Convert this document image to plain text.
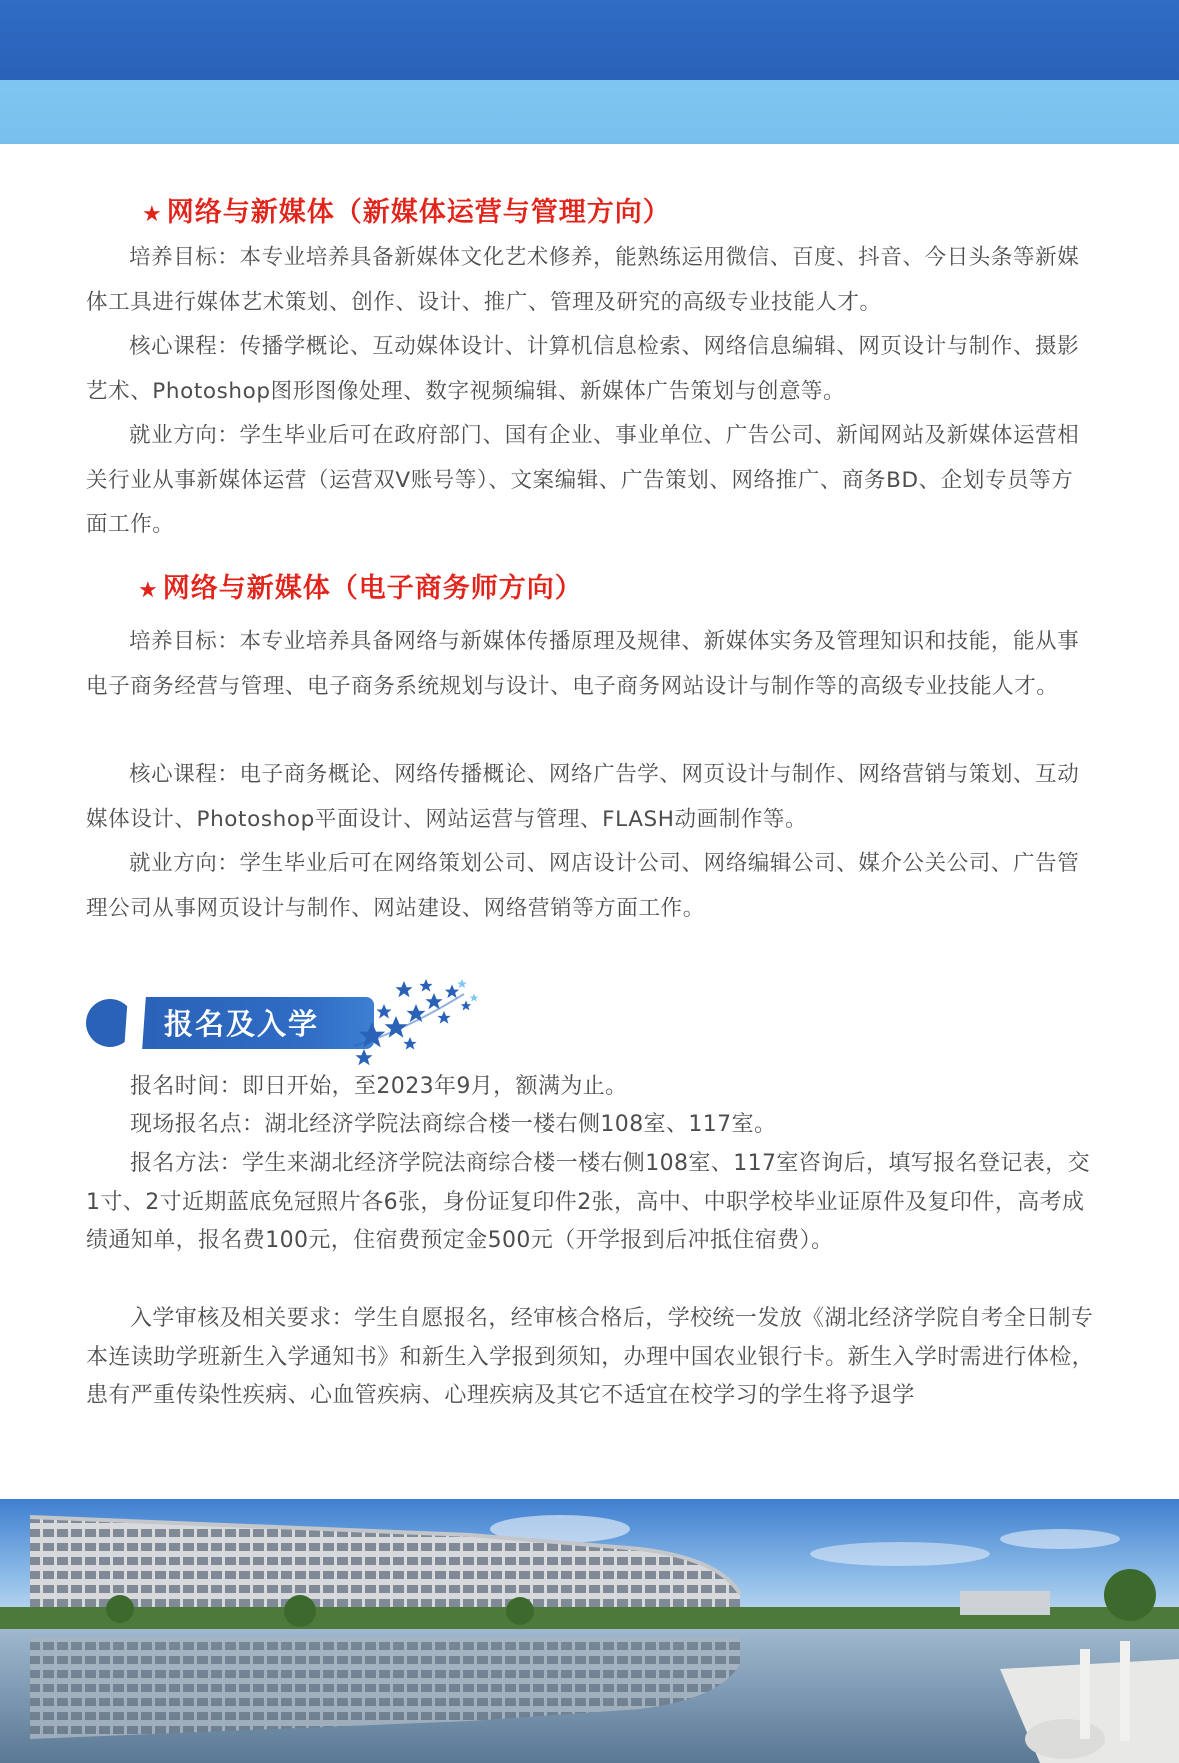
★ 网络与新媒体（新媒体运营与管理方向）

培养目标：本专业培养具备新媒体文化艺术修养，能熟练运用微信、百度、抖音、今日头条等新媒体工具进行媒体艺术策划、创作、设计、推广、管理及研究的高级专业技能人才。

核心课程：传播学概论、互动媒体设计、计算机信息检索、网络信息编辑、网页设计与制作、摄影艺术、Photoshop图形图像处理、数字视频编辑、新媒体广告策划与创意等。

就业方向：学生毕业后可在政府部门、国有企业、事业单位、广告公司、新闻网站及新媒体运营相关行业从事新媒体运营（运营双V账号等）、文案编辑、广告策划、网络推广、商务BD、企划专员等方面工作。

★ 网络与新媒体（电子商务师方向）

培养目标：本专业培养具备网络与新媒体传播原理及规律、新媒体实务及管理知识和技能，能从事电子商务经营与管理、电子商务系统规划与设计、电子商务网站设计与制作等的高级专业技能人才。

核心课程：电子商务概论、网络传播概论、网络广告学、网页设计与制作、网络营销与策划、互动媒体设计、Photoshop平面设计、网站运营与管理、FLASH动画制作等。

就业方向：学生毕业后可在网络策划公司、网店设计公司、网络编辑公司、媒介公关公司、广告管理公司从事网页设计与制作、网站建设、网络营销等方面工作。

报名时间：即日开始，至2023年9月，额满为止。

现场报名点：湖北经济学院法商综合楼一楼右侧108室、117室。

报名方法：学生来湖北经济学院法商综合楼一楼右侧108室、117室咨询后，填写报名登记表，交1寸、2寸近期蓝底免冠照片各6张，身份证复印件2张，高中、中职学校毕业证原件及复印件，高考成绩通知单，报名费100元，住宿费预定金500元（开学报到后冲抵住宿费）。

入学审核及相关要求：学生自愿报名，经审核合格后，学校统一发放《湖北经济学院自考全日制专本连读助学班新生入学通知书》和新生入学报到须知，办理中国农业银行卡。新生入学时需进行体检，患有严重传染性疾病、心血管疾病、心理疾病及其它不适宜在校学习的学生将予退学

报名及入学
